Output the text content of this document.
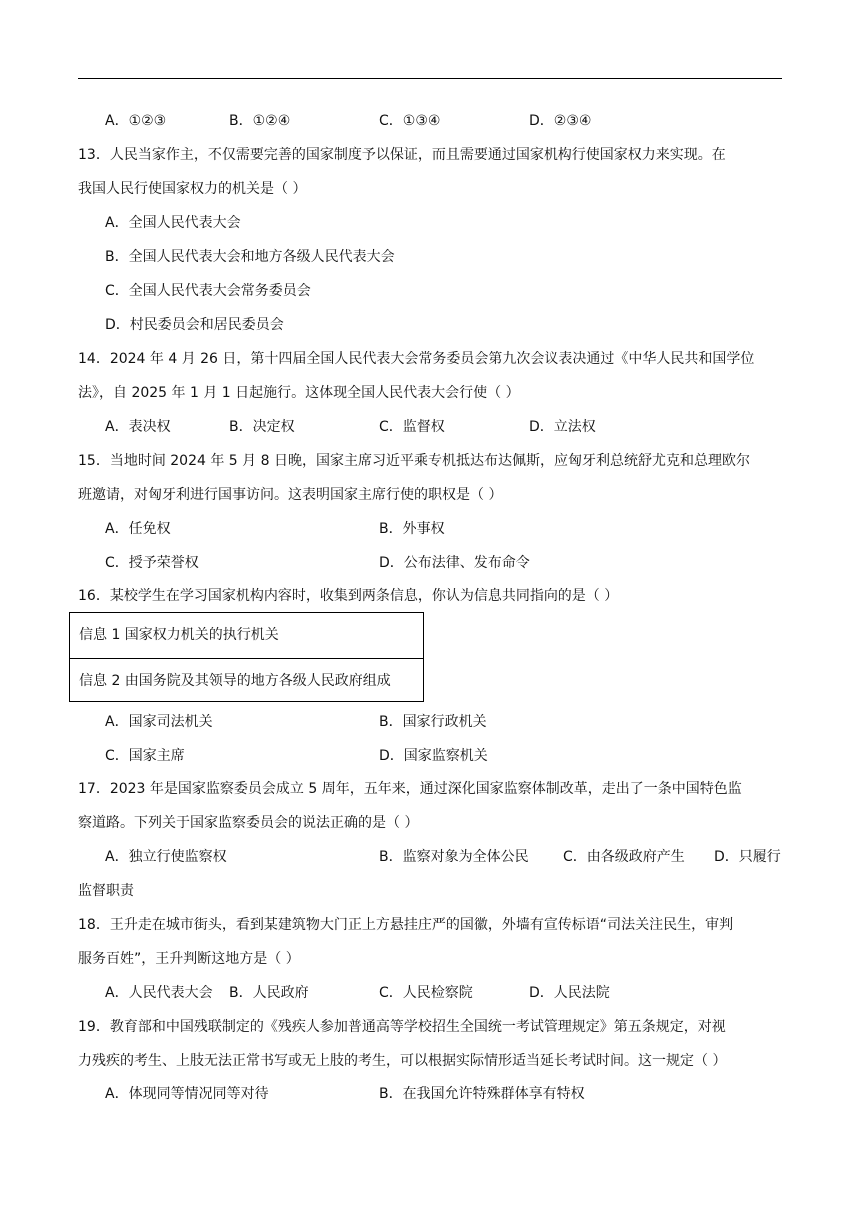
A．①②③	B．①②④	C．①③④	D．②③④
13．人民当家作主，不仅需要完善的国家制度予以保证，而且需要通过国家机构行使国家权力来实现。在
我国人民行使国家权力的机关是（ ）
A．全国人民代表大会
B．全国人民代表大会和地方各级人民代表大会
C．全国人民代表大会常务委员会
D．村民委员会和居民委员会
14．2024 年 4 月 26 日，第十四届全国人民代表大会常务委员会第九次会议表决通过《中华人民共和国学位
法》，自 2025 年 1 月 1 日起施行。这体现全国人民代表大会行使（ ）
A．表决权	B．决定权	C．监督权	D．立法权
15．当地时间 2024 年 5 月 8 日晚，国家主席习近平乘专机抵达布达佩斯，应匈牙利总统舒尤克和总理欧尔
班邀请，对匈牙利进行国事访问。这表明国家主席行使的职权是（ ）
A．任免权	B．外事权
C．授予荣誉权	D．公布法律、发布命令
16．某校学生在学习国家机构内容时，收集到两条信息，你认为信息共同指向的是（ ）
信息 1 国家权力机关的执行机关
信息 2 由国务院及其领导的地方各级人民政府组成
A．国家司法机关	B．国家行政机关
C．国家主席	D．国家监察机关
17．2023 年是国家监察委员会成立 5 周年，五年来，通过深化国家监察体制改革，走出了一条中国特色监
察道路。下列关于国家监察委员会的说法正确的是（ ）
A．独立行使监察权	B．监察对象为全体公民 C．由各级政府产生 D．只履行
监督职责
18．王升走在城市街头，看到某建筑物大门正上方悬挂庄严的国徽，外墙有宣传标语“司法关注民生，审判
服务百姓”，王升判断这地方是（ ）
A．人民代表大会 B．人民政府	C．人民检察院	D．人民法院
19．教育部和中国残联制定的《残疾人参加普通高等学校招生全国统一考试管理规定》第五条规定，对视
力残疾的考生、上肢无法正常书写或无上肢的考生，可以根据实际情形适当延长考试时间。这一规定（ ）
A．体现同等情况同等对待	B．在我国允许特殊群体享有特权
